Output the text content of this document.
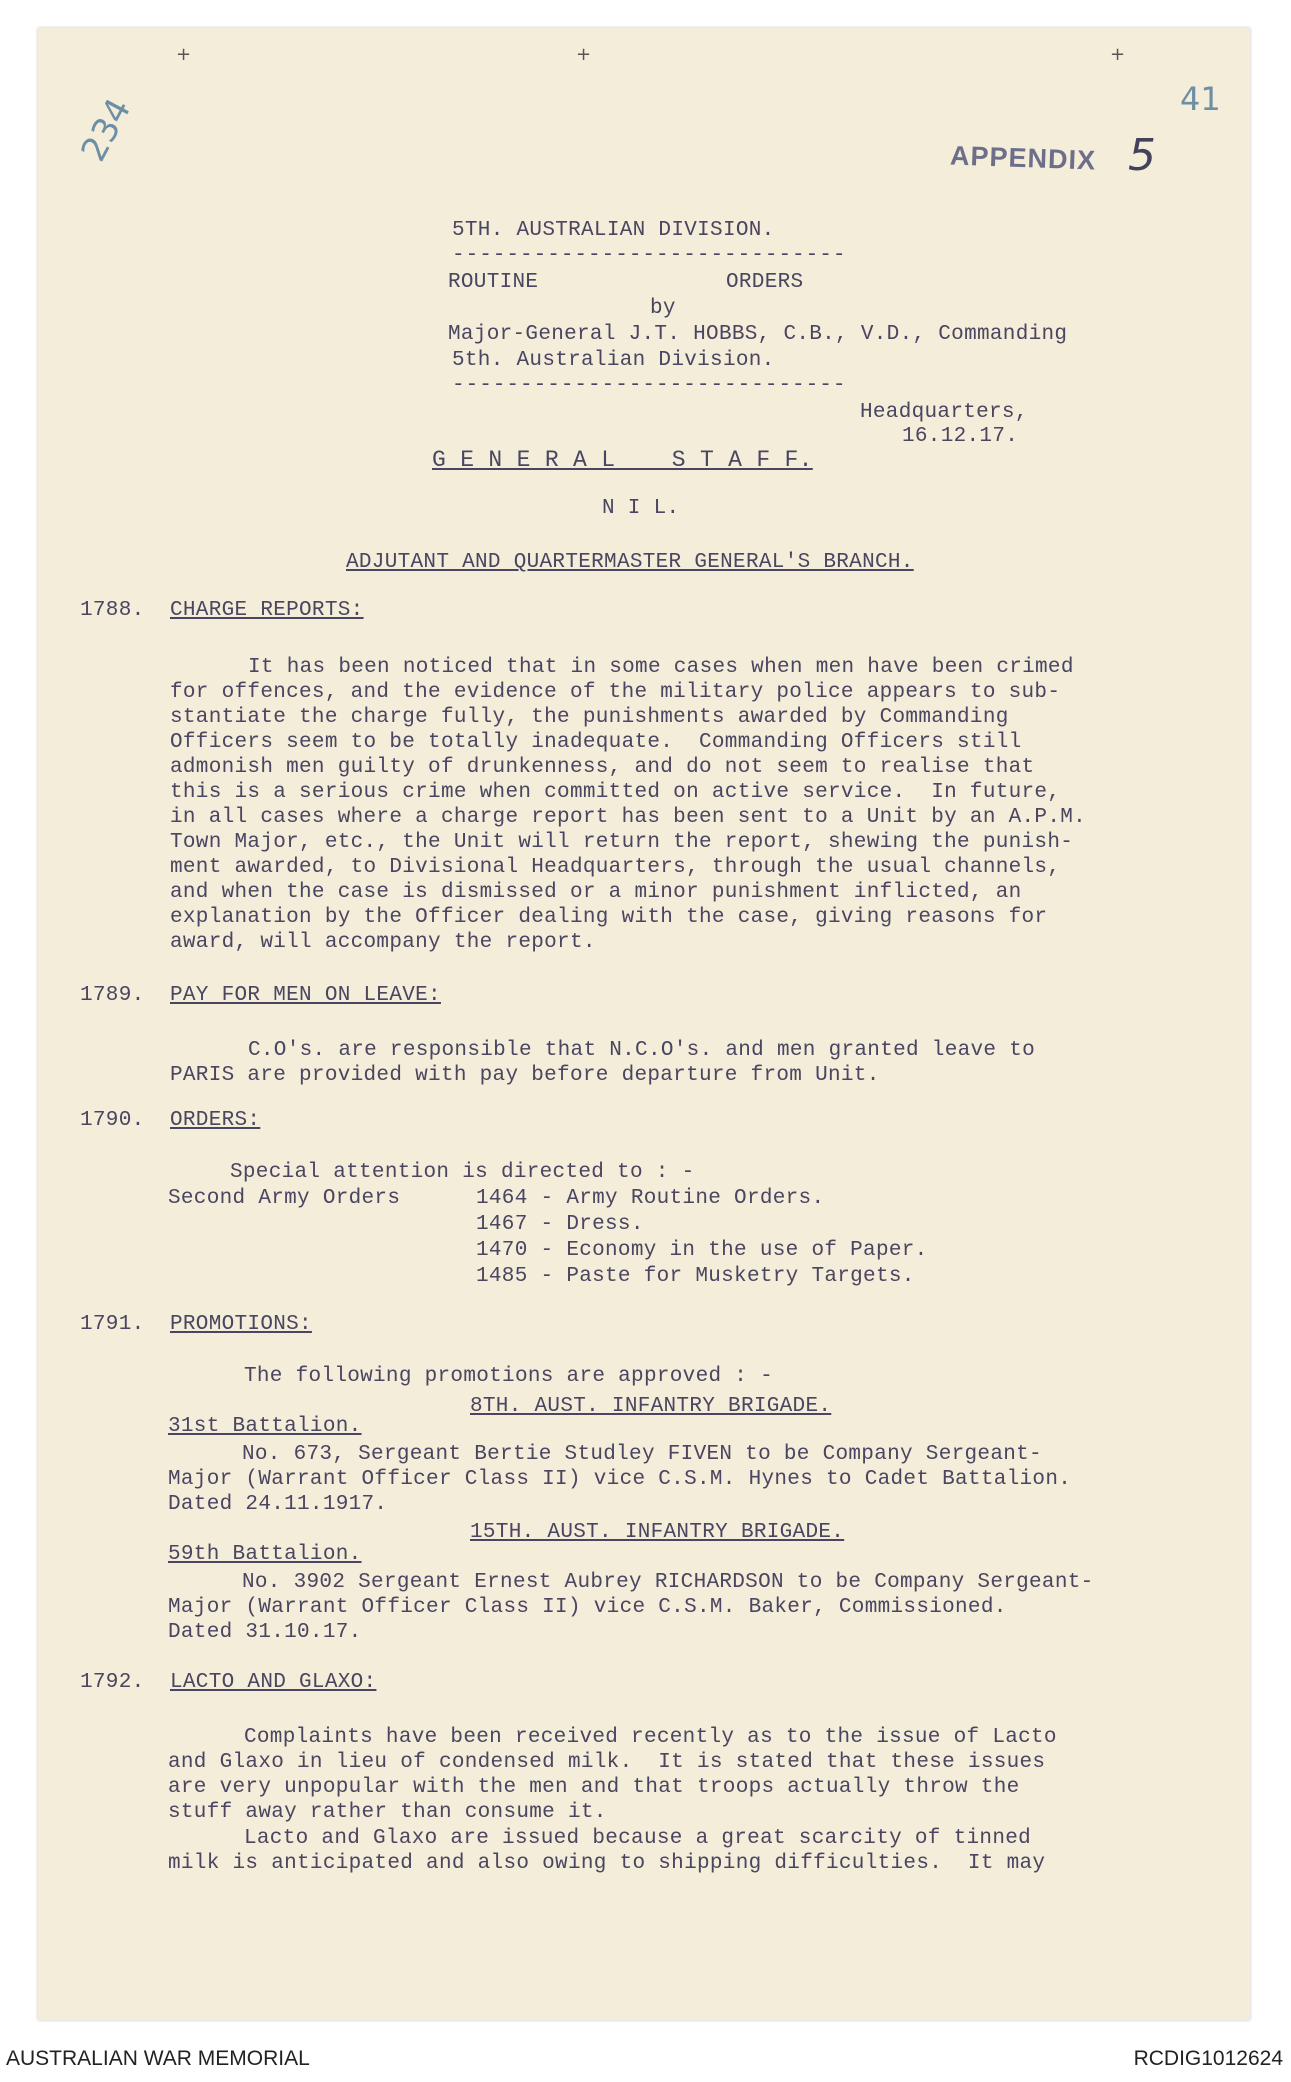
+	+	+
234	41
APPENDIX 5
5TH. AUSTRALIAN DIVISION.
-----------------------------
ROUTINE	ORDERS
by
Major-General J.T. HOBBS, C.B., V.D., Commanding
5th. Australian Division.
-----------------------------
Headquarters,
16.12.17.
G E N E R A L    S T A F F.
N I L.
ADJUTANT AND QUARTERMASTER GENERAL'S BRANCH.
1788. CHARGE REPORTS:
It has been noticed that in some cases when men have been crimed
for offences, and the evidence of the military police appears to sub-
stantiate the charge fully, the punishments awarded by Commanding
Officers seem to be totally inadequate.  Commanding Officers still
admonish men guilty of drunkenness, and do not seem to realise that
this is a serious crime when committed on active service.  In future,
in all cases where a charge report has been sent to a Unit by an A.P.M.
Town Major, etc., the Unit will return the report, shewing the punish-
ment awarded, to Divisional Headquarters, through the usual channels,
and when the case is dismissed or a minor punishment inflicted, an
explanation by the Officer dealing with the case, giving reasons for
award, will accompany the report.
1789. PAY FOR MEN ON LEAVE:
C.O's. are responsible that N.C.O's. and men granted leave to
PARIS are provided with pay before departure from Unit.
1790. ORDERS:
Special attention is directed to : -
Second Army Orders	1464 - Army Routine Orders.
1467 - Dress.
1470 - Economy in the use of Paper.
1485 - Paste for Musketry Targets.
1791. PROMOTIONS:
The following promotions are approved : -
8TH. AUST. INFANTRY BRIGADE.
31st Battalion.
No. 673, Sergeant Bertie Studley FIVEN to be Company Sergeant-
Major (Warrant Officer Class II) vice C.S.M. Hynes to Cadet Battalion.
Dated 24.11.1917.
15TH. AUST. INFANTRY BRIGADE.
59th Battalion.
No. 3902 Sergeant Ernest Aubrey RICHARDSON to be Company Sergeant-
Major (Warrant Officer Class II) vice C.S.M. Baker, Commissioned.
Dated 31.10.17.
1792. LACTO AND GLAXO:
Complaints have been received recently as to the issue of Lacto
and Glaxo in lieu of condensed milk.  It is stated that these issues
are very unpopular with the men and that troops actually throw the
stuff away rather than consume it.
Lacto and Glaxo are issued because a great scarcity of tinned
milk is anticipated and also owing to shipping difficulties.  It may
AUSTRALIAN WAR MEMORIAL	RCDIG1012624
